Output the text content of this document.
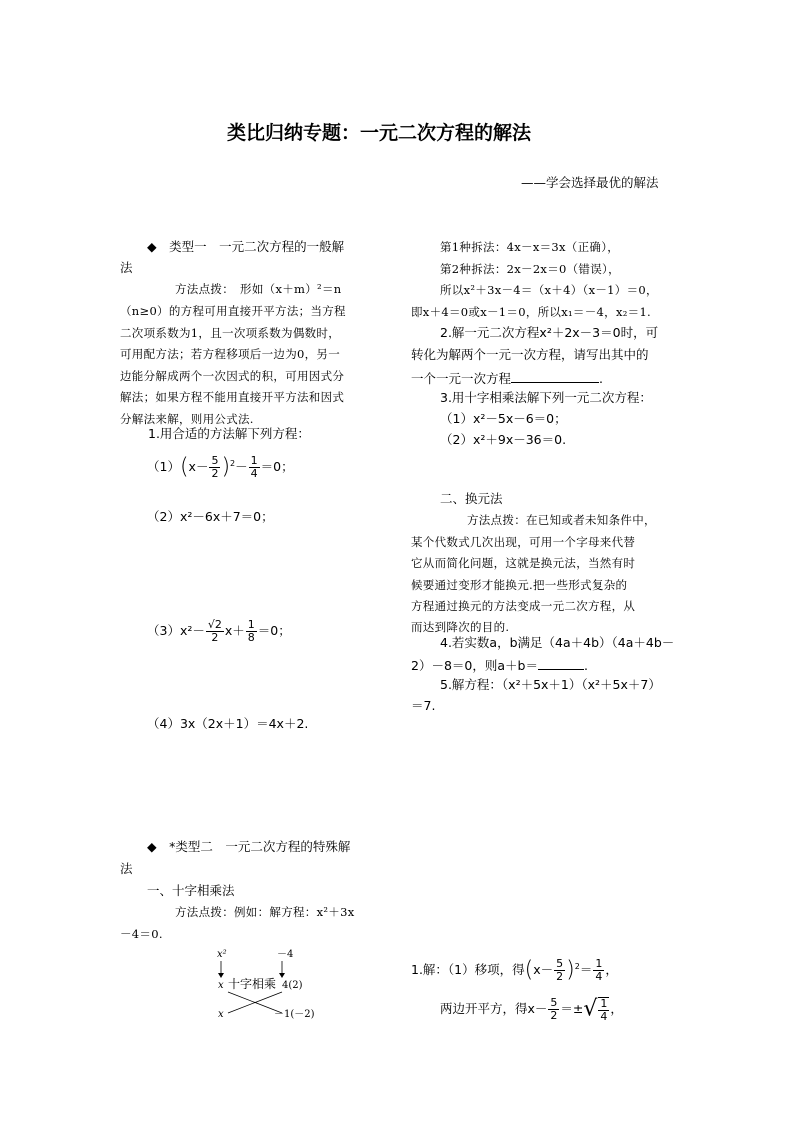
类比归纳专题：一元二次方程的解法
——学会选择最优的解法
◆　类型一　一元二次方程的一般解
法
方法点拨：　形如（x＋m）²＝n
（n≥0）的方程可用直接开平方法；当方程
二次项系数为1，且一次项系数为偶数时，
可用配方法；若方程移项后一边为0，另一
边能分解成两个一次因式的积，可用因式分
解法；如果方程不能用直接开平方法和因式
分解法来解，则用公式法.
1.用合适的方法解下列方程：
$(1)(x- \frac{5}{2} )^2- \frac{1}{4} =0$；
（2）x²－6x＋7＝0；
$(3)x^2- \frac{√2}{2} x+ \frac{1}{8} =0$；
（4）3x（2x＋1）＝4x＋2.
◆　*类型二　一元二次方程的特殊解
法
一、十字相乘法
方法点拨：例如：解方程：x²＋3x
－4＝0.
x²	－4
x 十字相乘 4(2)
x	－1(－2)
第1种拆法：4x－x＝3x（正确），
第2种拆法：2x－2x＝0（错误），
所以x²＋3x－4＝（x＋4）（x－1）＝0，
即x＋4＝0或x－1＝0，所以x₁＝－4，x₂＝1.
2.解一元二次方程x²＋2x－3＝0时，可
转化为解两个一元一次方程，请写出其中的
一个一元一次方程	.
3.用十字相乘法解下列一元二次方程：
（1）x²－5x－6＝0；
（2）x²＋9x－36＝0.
二、换元法
方法点拨：在已知或者未知条件中，
某个代数式几次出现，可用一个字母来代替
它从而简化问题，这就是换元法，当然有时
候要通过变形才能换元.把一些形式复杂的
方程通过换元的方法变成一元二次方程，从
而达到降次的目的.
4.若实数a，b满足（4a＋4b）（4a＋4b－
2）－8＝0，则a＋b＝	.
5.解方程：（x²＋5x＋1）（x²＋5x＋7）
＝7.
1.解：（1）移项，得$(x- \frac{5}{2} )^2= \frac{1}{4}$ ，
两边开平方，得$x- \frac{5}{2}$ ＝±√ $\frac{1}{4}$ ，
